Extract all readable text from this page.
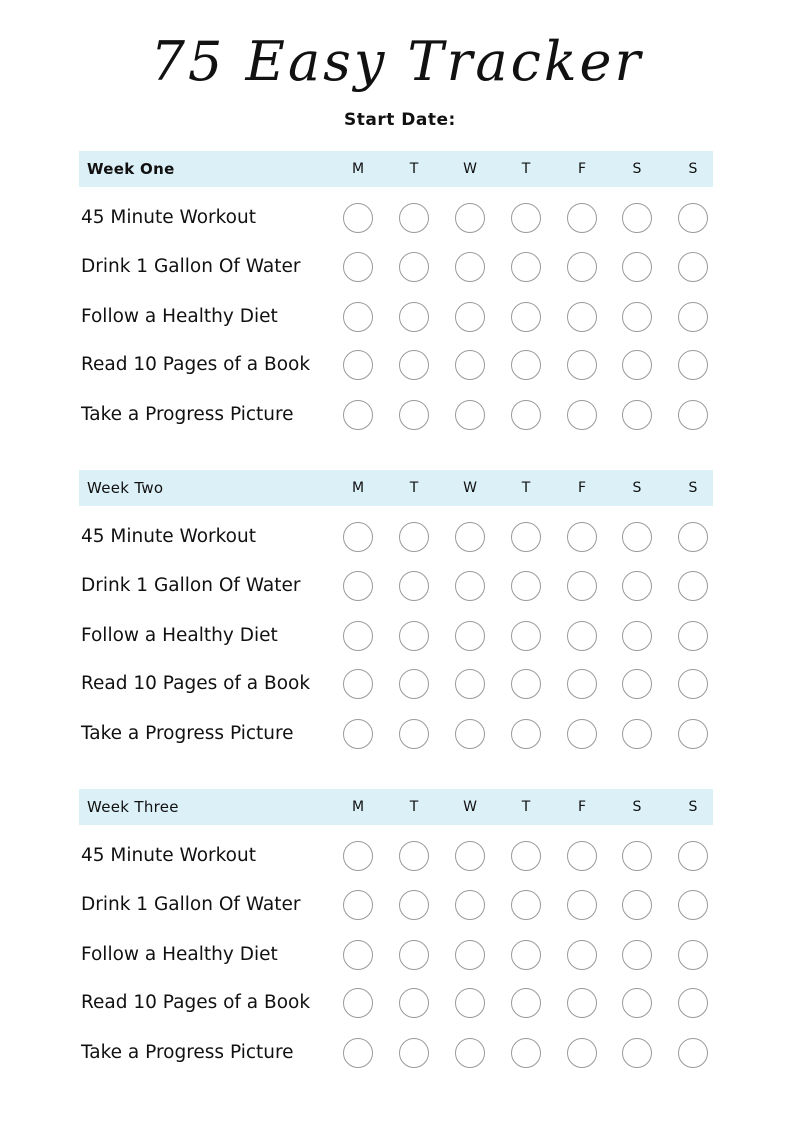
75 Easy Tracker
Start Date:
Week One	M	T	W	T	F	S	S
45 Minute Workout
Drink 1 Gallon Of Water
Follow a Healthy Diet
Read 10 Pages of a Book
Take a Progress Picture
Week Two	M	T	W	T	F	S	S
45 Minute Workout
Drink 1 Gallon Of Water
Follow a Healthy Diet
Read 10 Pages of a Book
Take a Progress Picture
Week Three	M	T	W	T	F	S	S
45 Minute Workout
Drink 1 Gallon Of Water
Follow a Healthy Diet
Read 10 Pages of a Book
Take a Progress Picture
